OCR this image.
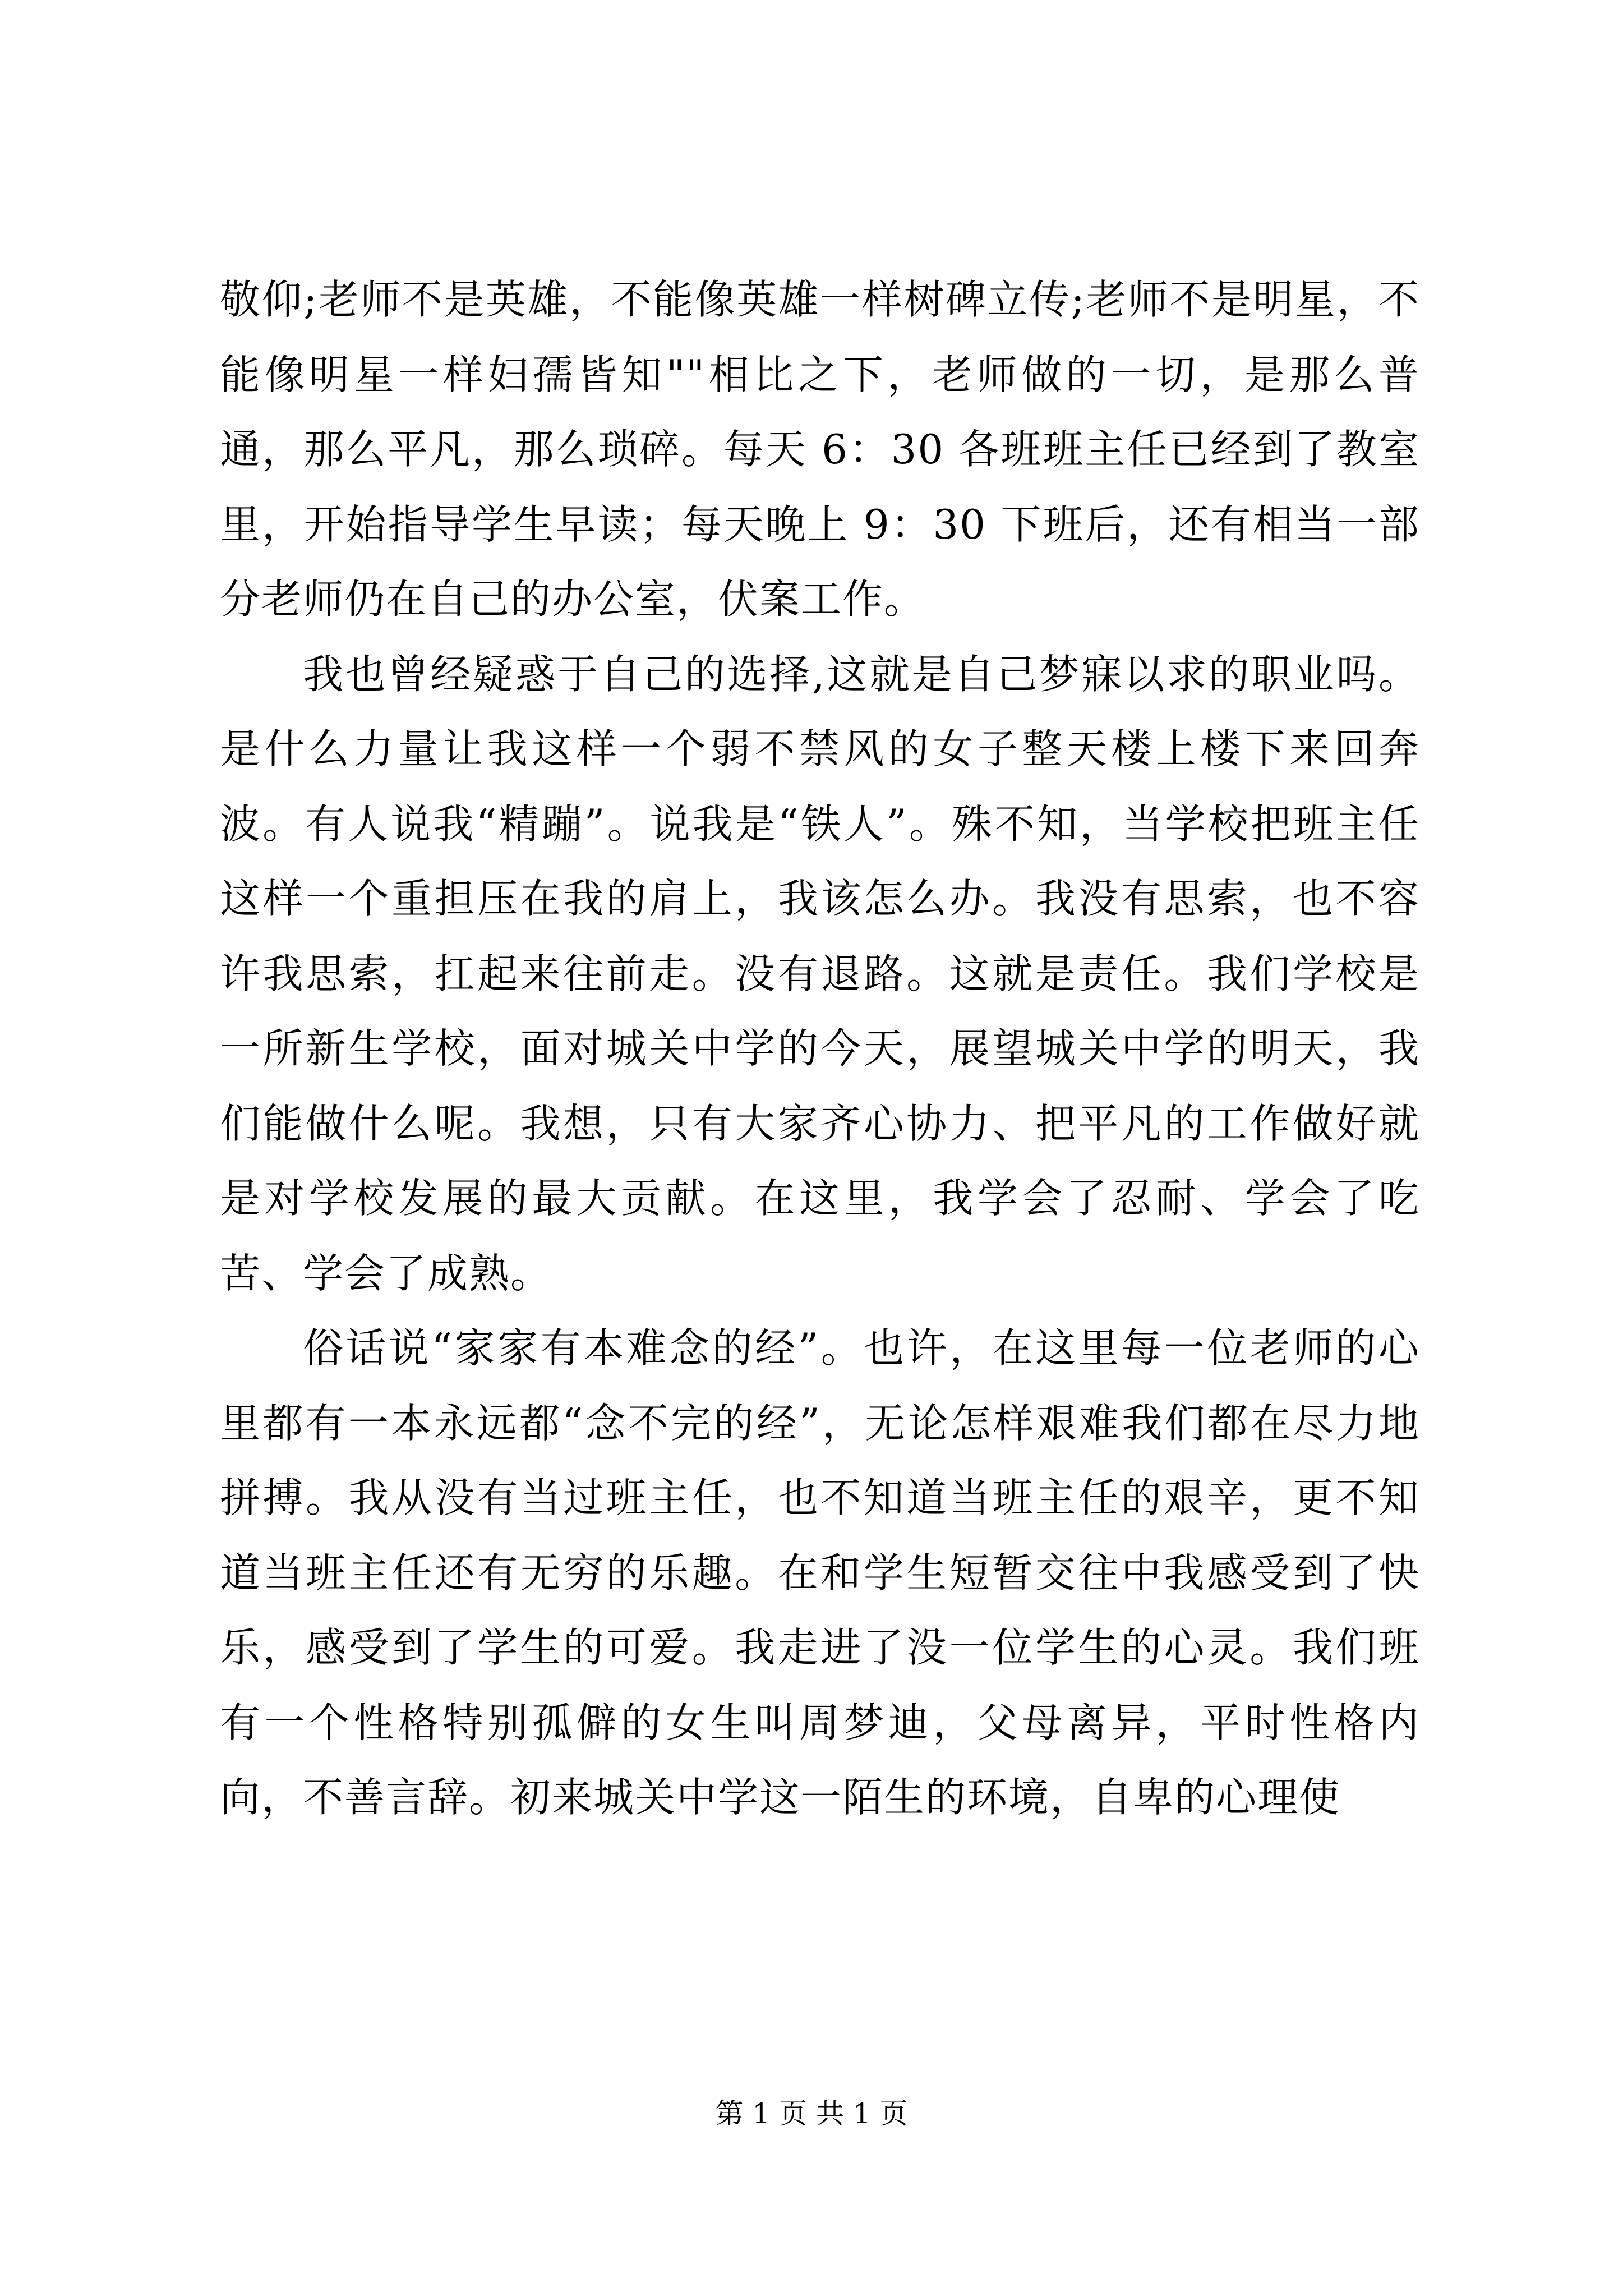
敬仰;老师不是英雄，不能像英雄一样树碑立传;老师不是明星，不能像明星一样妇孺皆知""相比之下，老师做的一切，是那么普通，那么平凡，那么琐碎。每天 6：30 各班班主任已经到了教室里，开始指导学生早读；每天晚上 9：30 下班后，还有相当一部分老师仍在自己的办公室，伏案工作。

我也曾经疑惑于自己的选择,这就是自己梦寐以求的职业吗。是什么力量让我这样一个弱不禁风的女子整天楼上楼下来回奔波。有人说我“精蹦”。说我是“铁人”。殊不知，当学校把班主任这样一个重担压在我的肩上，我该怎么办。我没有思索，也不容许我思索，扛起来往前走。没有退路。这就是责任。我们学校是一所新生学校，面对城关中学的今天，展望城关中学的明天，我们能做什么呢。我想，只有大家齐心协力、把平凡的工作做好就是对学校发展的最大贡献。在这里，我学会了忍耐、学会了吃苦、学会了成熟。

俗话说“家家有本难念的经”。也许，在这里每一位老师的心里都有一本永远都“念不完的经”，无论怎样艰难我们都在尽力地拼搏。我从没有当过班主任，也不知道当班主任的艰辛，更不知道当班主任还有无穷的乐趣。在和学生短暂交往中我感受到了快乐，感受到了学生的可爱。我走进了没一位学生的心灵。我们班有一个性格特别孤僻的女生叫周梦迪，父母离异，平时性格内向，不善言辞。初来城关中学这一陌生的环境，自卑的心理使

第 1 页 共 1 页
